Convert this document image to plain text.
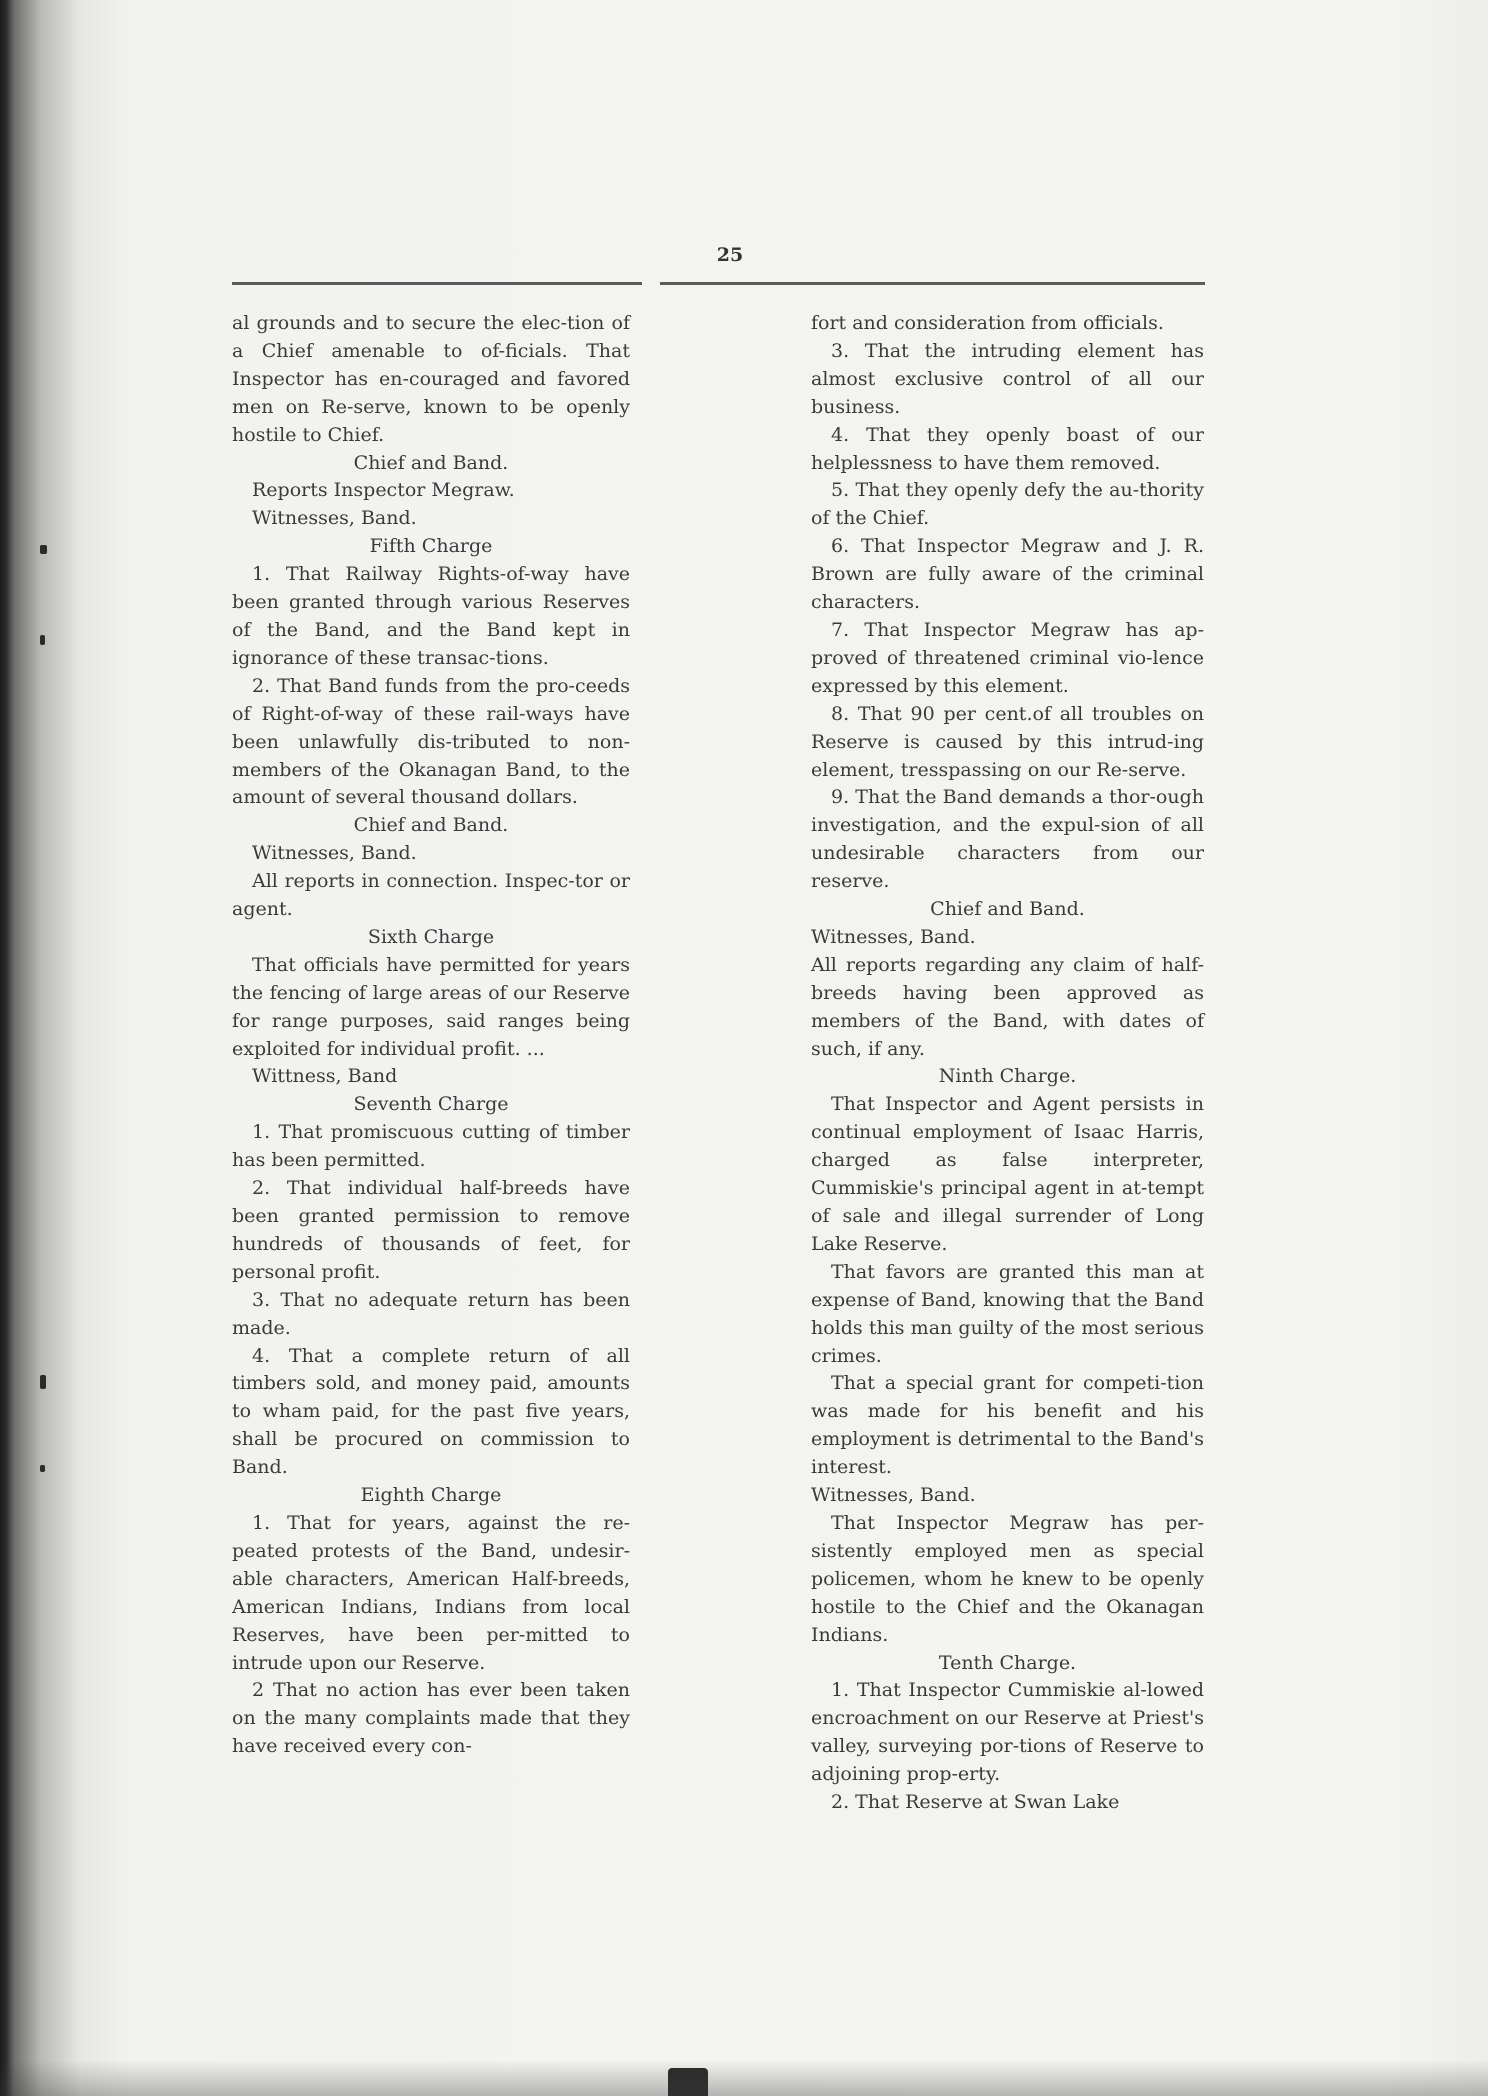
25

al grounds and to secure the elec-tion of a Chief amenable to of-ficials. That Inspector has en-couraged and favored men on Re-serve, known to be openly hostile to Chief.

Chief and Band.

Reports Inspector Megraw.

Witnesses, Band.

Fifth Charge

1. That Railway Rights-of-way have been granted through various Reserves of the Band, and the Band kept in ignorance of these transac-tions.

2. That Band funds from the pro-ceeds of Right-of-way of these rail-ways have been unlawfully dis-tributed to non-members of the Okanagan Band, to the amount of several thousand dollars.

Chief and Band.

Witnesses, Band.

All reports in connection. Inspec-tor or agent.

Sixth Charge

That officials have permitted for years the fencing of large areas of our Reserve for range purposes, said ranges being exploited for individual profit. ...

Wittness, Band

Seventh Charge

1. That promiscuous cutting of timber has been permitted.

2. That individual half-breeds have been granted permission to remove hundreds of thousands of feet, for personal profit.

3. That no adequate return has been made.

4. That a complete return of all timbers sold, and money paid, amounts to wham paid, for the past five years, shall be procured on commission to Band.

Eighth Charge

1. That for years, against the re-peated protests of the Band, undesir-able characters, American Half-breeds, American Indians, Indians from local Reserves, have been per-mitted to intrude upon our Reserve.

2 That no action has ever been taken on the many complaints made that they have received every con-

fort and consideration from officials.

3. That the intruding element has almost exclusive control of all our business.

4. That they openly boast of our helplessness to have them removed.

5. That they openly defy the au-thority of the Chief.

6. That Inspector Megraw and J. R. Brown are fully aware of the criminal characters.

7. That Inspector Megraw has ap-proved of threatened criminal vio-lence expressed by this element.

8. That 90 per cent.of all troubles on Reserve is caused by this intrud-ing element, tresspassing on our Re-serve.

9. That the Band demands a thor-ough investigation, and the expul-sion of all undesirable characters from our reserve.

Chief and Band.

Witnesses, Band.

All reports regarding any claim of half-breeds having been approved as members of the Band, with dates of such, if any.

Ninth Charge.

That Inspector and Agent persists in continual employment of Isaac Harris, charged as false interpreter, Cummiskie's principal agent in at-tempt of sale and illegal surrender of Long Lake Reserve.

That favors are granted this man at expense of Band, knowing that the Band holds this man guilty of the most serious crimes.

That a special grant for competi-tion was made for his benefit and his employment is detrimental to the Band's interest.

Witnesses, Band.

That Inspector Megraw has per-sistently employed men as special policemen, whom he knew to be openly hostile to the Chief and the Okanagan Indians.

Tenth Charge.

1. That Inspector Cummiskie al-lowed encroachment on our Reserve at Priest's valley, surveying por-tions of Reserve to adjoining prop-erty.

2. That Reserve at Swan Lake
